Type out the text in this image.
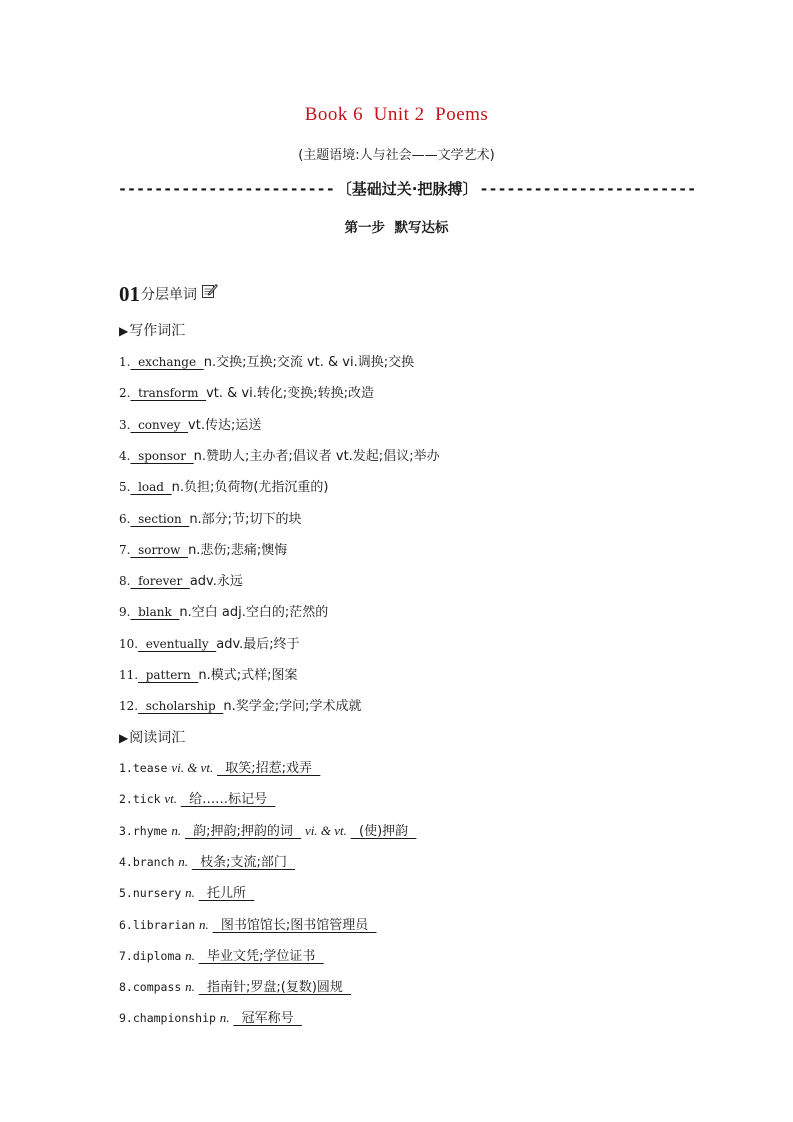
Book 6  Unit 2  Poems
(主题语境:人与社会——文学艺术)
------------------------ 〔基础过关·把脉搏〕 ------------------------
第一步  默写达标
01 分层单词
▶写作词汇
1.  exchange  n.交换;互换;交流 vt. & vi.调换;交换
2.  transform  vt. & vi.转化;变换;转换;改造
3.  convey  vt.传达;运送
4.  sponsor  n.赞助人;主办者;倡议者 vt.发起;倡议;举办
5.  load  n.负担;负荷物(尤指沉重的)
6.  section  n.部分;节;切下的块
7.  sorrow  n.悲伤;悲痛;懊悔
8.  forever  adv.永远
9.  blank  n.空白 adj.空白的;茫然的
10.  eventually  adv.最后;终于
11.  pattern  n.模式;式样;图案
12.  scholarship  n.奖学金;学问;学术成就
▶阅读词汇
1.tease vi. & vt.   取笑;招惹;戏弄
2.tick vt.   给……标记号
3.rhyme n.   韵;押韵;押韵的词   vi. & vt.   (使)押韵
4.branch n.   枝条;支流;部门
5.nursery n.   托儿所
6.librarian n.   图书馆馆长;图书馆管理员
7.diploma n.   毕业文凭;学位证书
8.compass n.   指南针;罗盘;(复数)圆规
9.championship n.   冠军称号
